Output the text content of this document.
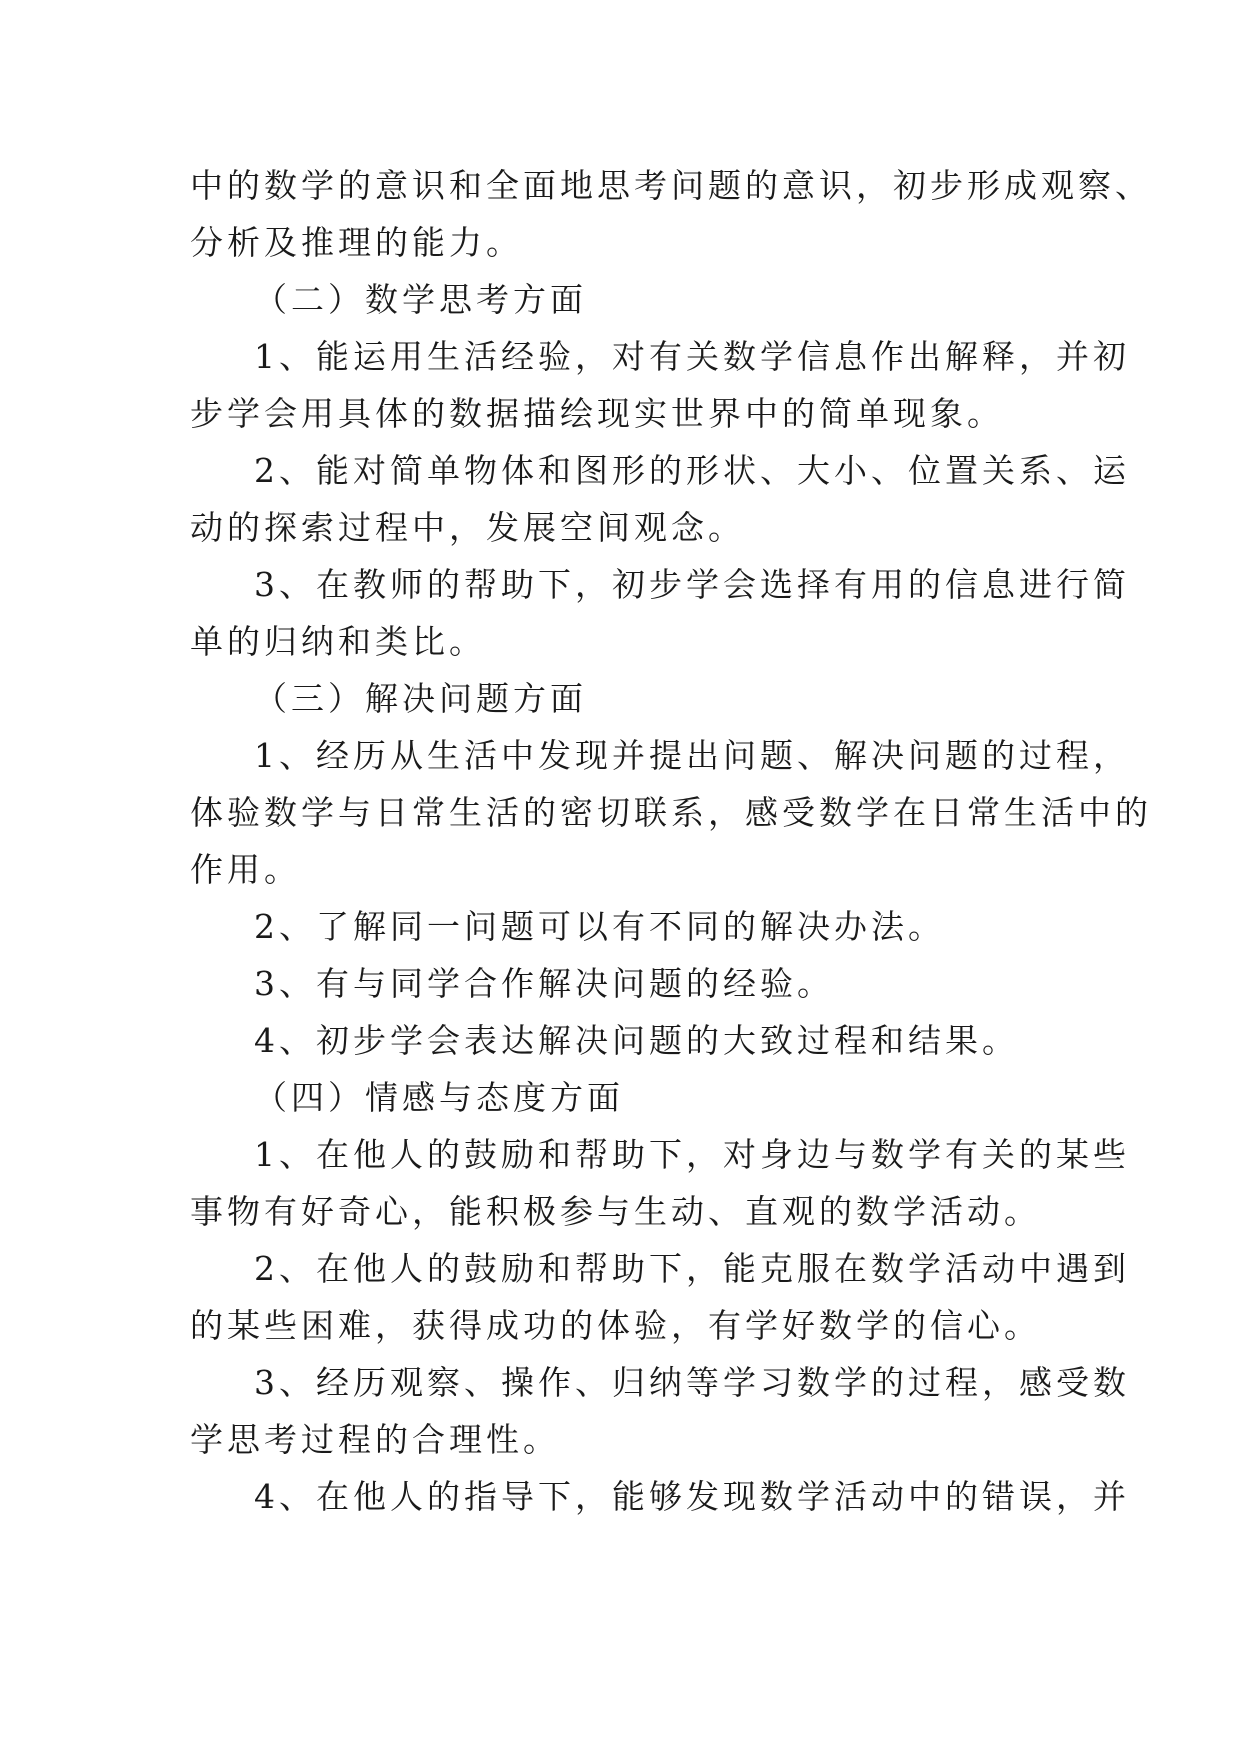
中的数学的意识和全面地思考问题的意识，初步形成观察、
分析及推理的能力。
（二）数学思考方面
1、能运用生活经验，对有关数学信息作出解释，并初
步学会用具体的数据描绘现实世界中的简单现象。
2、能对简单物体和图形的形状、大小、位置关系、运
动的探索过程中，发展空间观念。
3、在教师的帮助下，初步学会选择有用的信息进行简
单的归纳和类比。
（三）解决问题方面
1、经历从生活中发现并提出问题、解决问题的过程，
体验数学与日常生活的密切联系，感受数学在日常生活中的
作用。
2、了解同一问题可以有不同的解决办法。
3、有与同学合作解决问题的经验。
4、初步学会表达解决问题的大致过程和结果。
（四）情感与态度方面
1、在他人的鼓励和帮助下，对身边与数学有关的某些
事物有好奇心，能积极参与生动、直观的数学活动。
2、在他人的鼓励和帮助下，能克服在数学活动中遇到
的某些困难，获得成功的体验，有学好数学的信心。
3、经历观察、操作、归纳等学习数学的过程，感受数
学思考过程的合理性。
4、在他人的指导下，能够发现数学活动中的错误，并
